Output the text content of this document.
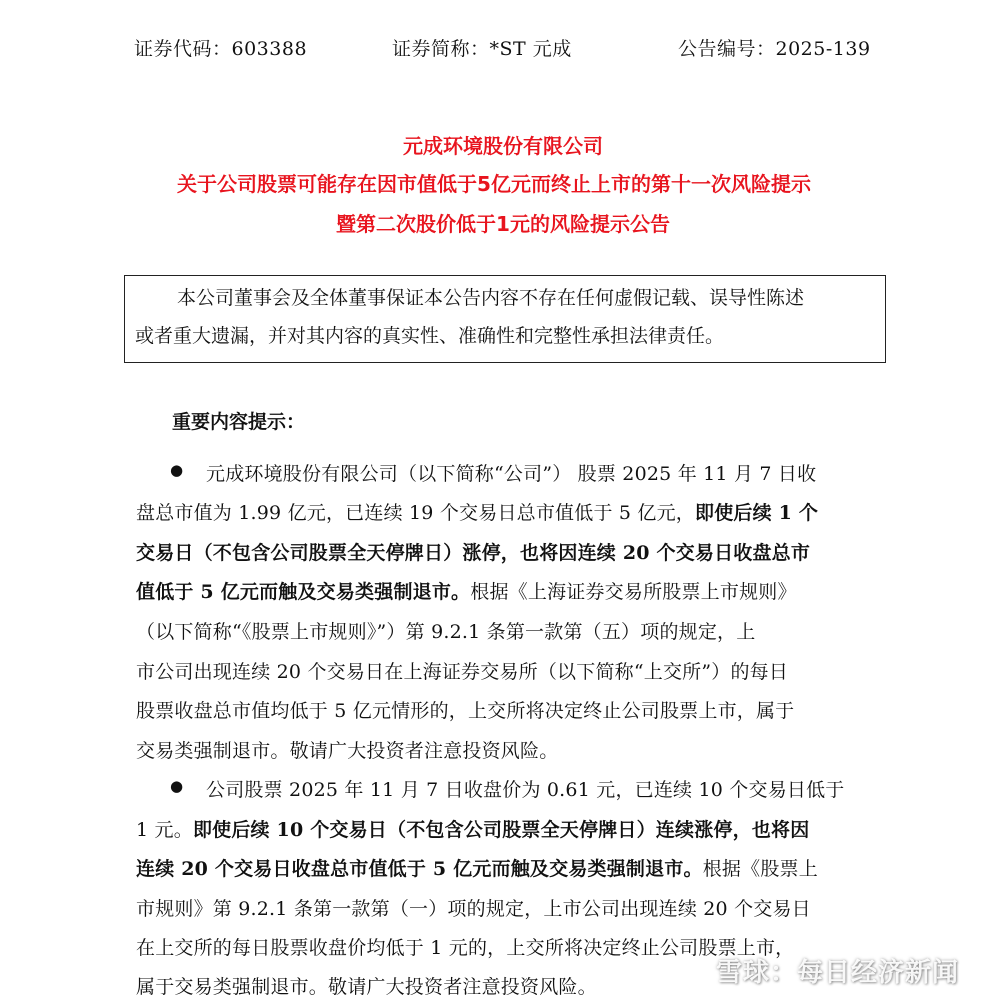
证券代码：603388	证券简称：*ST 元成	公告编号：2025-139
元成环境股份有限公司
关于公司股票可能存在因市值低于5亿元而终止上市的第十一次风险提示
暨第二次股价低于1元的风险提示公告
本公司董事会及全体董事保证本公告内容不存在任何虚假记载、误导性陈述
或者重大遗漏，并对其内容的真实性、准确性和完整性承担法律责任。
重要内容提示：
● 元成环境股份有限公司（以下简称“公司”） 股票 2025 年 11 月 7 日收
盘总市值为 1.99 亿元，已连续 19 个交易日总市值低于 5 亿元，即使后续 1 个
交易日（不包含公司股票全天停牌日）涨停，也将因连续 20 个交易日收盘总市
值低于 5 亿元而触及交易类强制退市。根据《上海证券交易所股票上市规则》
（以下简称“《股票上市规则》”）第 9.2.1 条第一款第（五）项的规定，上
市公司出现连续 20 个交易日在上海证券交易所（以下简称“上交所”）的每日
股票收盘总市值均低于 5 亿元情形的，上交所将决定终止公司股票上市，属于
交易类强制退市。敬请广大投资者注意投资风险。
● 公司股票 2025 年 11 月 7 日收盘价为 0.61 元，已连续 10 个交易日低于
1 元。即使后续 10 个交易日（不包含公司股票全天停牌日）连续涨停，也将因
连续 20 个交易日收盘总市值低于 5 亿元而触及交易类强制退市。根据《股票上
市规则》第 9.2.1 条第一款第（一）项的规定，上市公司出现连续 20 个交易日
在上交所的每日股票收盘价均低于 1 元的，上交所将决定终止公司股票上市，
属于交易类强制退市。敬请广大投资者注意投资风险。	雪球：每日经济新闻
